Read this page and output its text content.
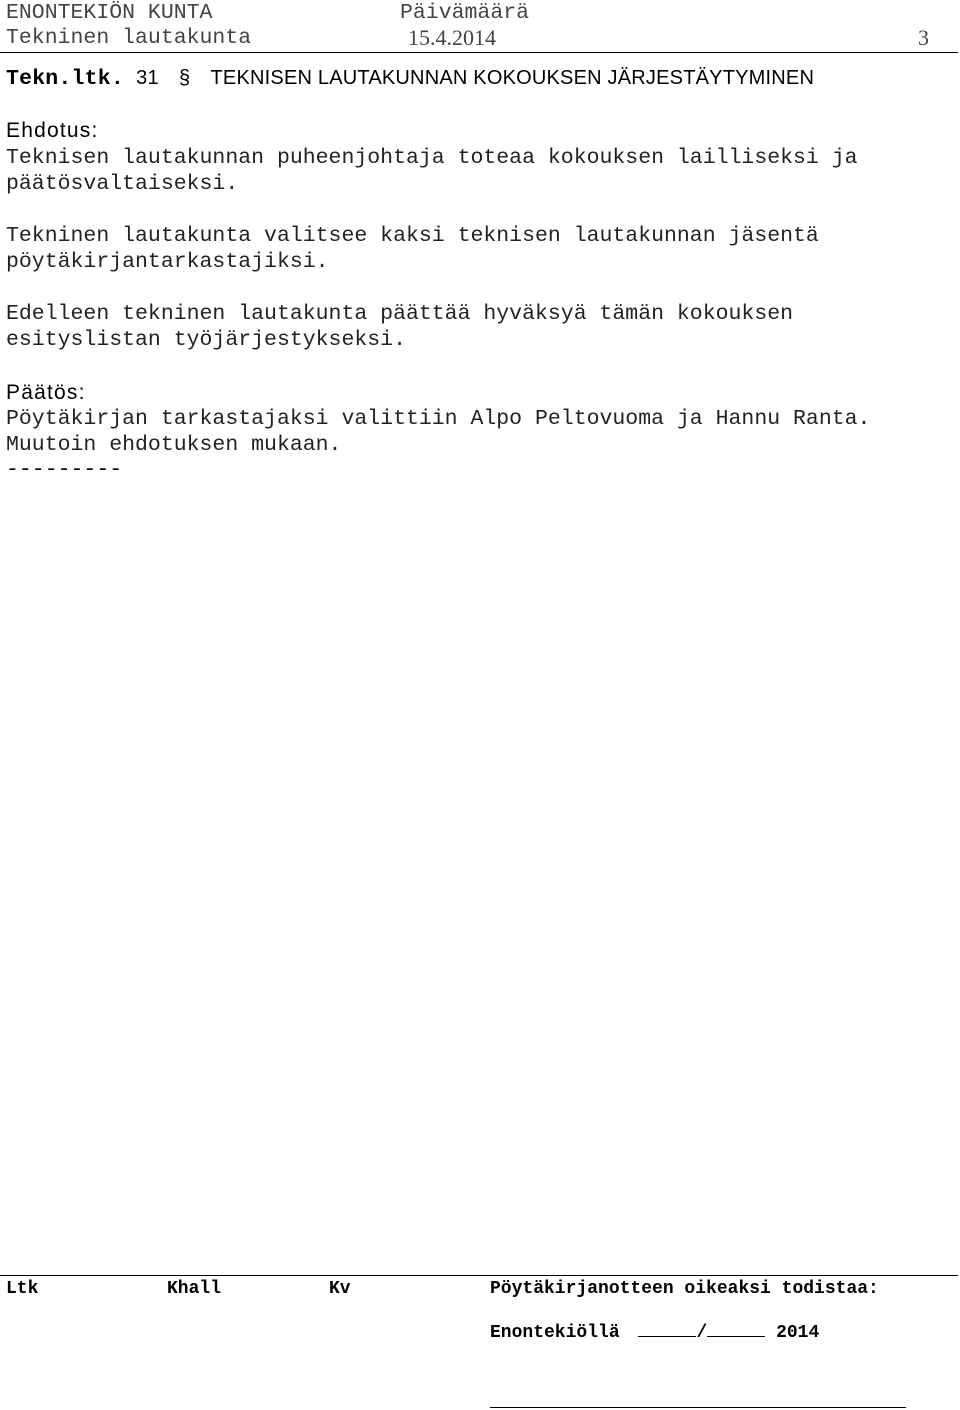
ENONTEKIÖN KUNTA	Päivämäärä
Tekninen lautakunta	15.4.2014	3
Tekn.ltk. 31 § TEKNISEN LAUTAKUNNAN KOKOUKSEN JÄRJESTÄYTYMINEN
Ehdotus:
Teknisen lautakunnan puheenjohtaja toteaa kokouksen lailliseksi ja
päätösvaltaiseksi.
Tekninen lautakunta valitsee kaksi teknisen lautakunnan jäsentä
pöytäkirjantarkastajiksi.
Edelleen tekninen lautakunta päättää hyväksyä tämän kokouksen
esityslistan työjärjestykseksi.
Päätös:
Pöytäkirjan tarkastajaksi valittiin Alpo Peltovuoma ja Hannu Ranta.
Muutoin ehdotuksen mukaan.
---------
Ltk	Khall	Kv	Pöytäkirjanotteen oikeaksi todistaa:
Enontekiöllä	/	2014
